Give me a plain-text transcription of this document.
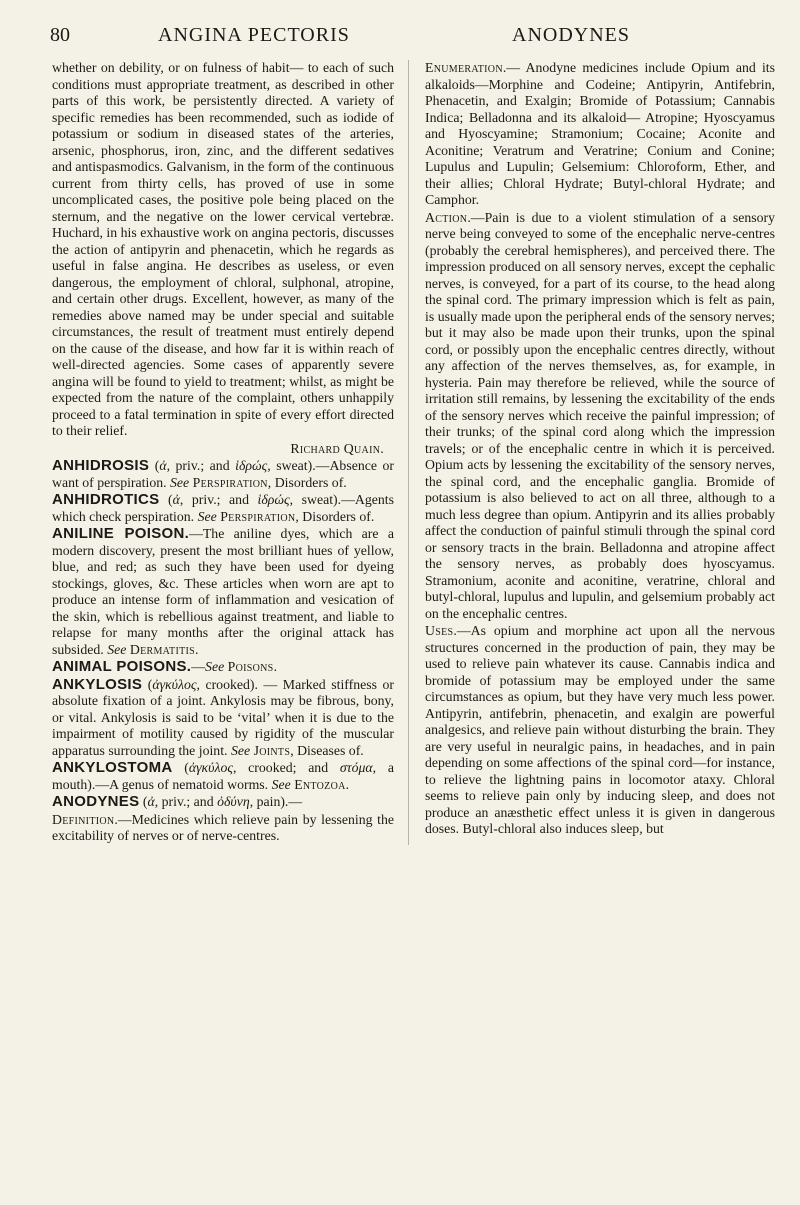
80	ANGINA PECTORIS	ANODYNES

whether on debility, or on fulness of habit— to each of such conditions must appropriate treatment, as described in other parts of this work, be persistently directed. A variety of specific remedies has been recommended, such as iodide of potassium or sodium in diseased states of the arteries, arsenic, phosphorus, iron, zinc, and the different sedatives and antispasmodics. Galvanism, in the form of the continuous current from thirty cells, has proved of use in some uncomplicated cases, the positive pole being placed on the sternum, and the negative on the lower cervical vertebræ. Huchard, in his exhaustive work on angina pectoris, discusses the action of antipyrin and phenacetin, which he regards as useful in false angina. He describes as useless, or even dangerous, the employment of chloral, sulphonal, atropine, and certain other drugs. Excellent, however, as many of the remedies above named may be under special and suitable circumstances, the result of treatment must entirely depend on the cause of the disease, and how far it is within reach of well-directed agencies. Some cases of apparently severe angina will be found to yield to treatment; whilst, as might be expected from the nature of the complaint, others unhappily proceed to a fatal termination in spite of every effort directed to their relief.

Richard Quain.

ANHIDROSIS (ἀ, priv.; and ἱδρώς, sweat).—Absence or want of perspiration. See Perspiration, Disorders of.

ANHIDROTICS (ἀ, priv.; and ἱδρώς, sweat).—Agents which check perspiration. See Perspiration, Disorders of.

ANILINE POISON.—The aniline dyes, which are a modern discovery, present the most brilliant hues of yellow, blue, and red; as such they have been used for dyeing stockings, gloves, &c. These articles when worn are apt to produce an intense form of inflammation and vesication of the skin, which is rebellious against treatment, and liable to relapse for many months after the original attack has subsided. See Dermatitis.

ANIMAL POISONS.—See Poisons.

ANKYLOSIS (ἀγκύλος, crooked). — Marked stiffness or absolute fixation of a joint. Ankylosis may be fibrous, bony, or vital. Ankylosis is said to be ‘vital’ when it is due to the impairment of motility caused by rigidity of the muscular apparatus surrounding the joint. See Joints, Diseases of.

ANKYLOSTOMA (ἀγκύλος, crooked; and στόμα, a mouth).—A genus of nematoid worms. See Entozoa.

ANODYNES (ἀ, priv.; and ὀδύνη, pain).—

Definition.—Medicines which relieve pain by lessening the excitability of nerves or of nerve-centres.

Enumeration.— Anodyne medicines include Opium and its alkaloids—Morphine and Codeine; Antipyrin, Antifebrin, Phenacetin, and Exalgin; Bromide of Potassium; Cannabis Indica; Belladonna and its alkaloid— Atropine; Hyoscyamus and Hyoscyamine; Stramonium; Cocaine; Aconite and Aconitine; Veratrum and Veratrine; Conium and Conine; Lupulus and Lupulin; Gelsemium: Chloroform, Ether, and their allies; Chloral Hydrate; Butyl-chloral Hydrate; and Camphor.

Action.—Pain is due to a violent stimulation of a sensory nerve being conveyed to some of the encephalic nerve-centres (probably the cerebral hemispheres), and perceived there. The impression produced on all sensory nerves, except the cephalic nerves, is conveyed, for a part of its course, to the head along the spinal cord. The primary impression which is felt as pain, is usually made upon the peripheral ends of the sensory nerves; but it may also be made upon their trunks, upon the spinal cord, or possibly upon the encephalic centres directly, without any affection of the nerves themselves, as, for example, in hysteria. Pain may therefore be relieved, while the source of irritation still remains, by lessening the excitability of the ends of the sensory nerves which receive the painful impression; of their trunks; of the spinal cord along which the impression travels; or of the encephalic centre in which it is perceived. Opium acts by lessening the excitability of the sensory nerves, the spinal cord, and the encephalic ganglia. Bromide of potassium is also believed to act on all three, although to a much less degree than opium. Antipyrin and its allies probably affect the conduction of painful stimuli through the spinal cord or sensory tracts in the brain. Belladonna and atropine affect the sensory nerves, as probably does hyoscyamus. Stramonium, aconite and aconitine, veratrine, chloral and butyl-chloral, lupulus and lupulin, and gelsemium probably act on the encephalic centres.

Uses.—As opium and morphine act upon all the nervous structures concerned in the production of pain, they may be used to relieve pain whatever its cause. Cannabis indica and bromide of potassium may be employed under the same circumstances as opium, but they have very much less power. Antipyrin, antifebrin, phenacetin, and exalgin are powerful analgesics, and relieve pain without disturbing the brain. They are very useful in neuralgic pains, in headaches, and in pain depending on some affections of the spinal cord—for instance, to relieve the lightning pains in locomotor ataxy. Chloral seems to relieve pain only by inducing sleep, and does not produce an anæsthetic effect unless it is given in dangerous doses. Butyl-chloral also induces sleep, but
